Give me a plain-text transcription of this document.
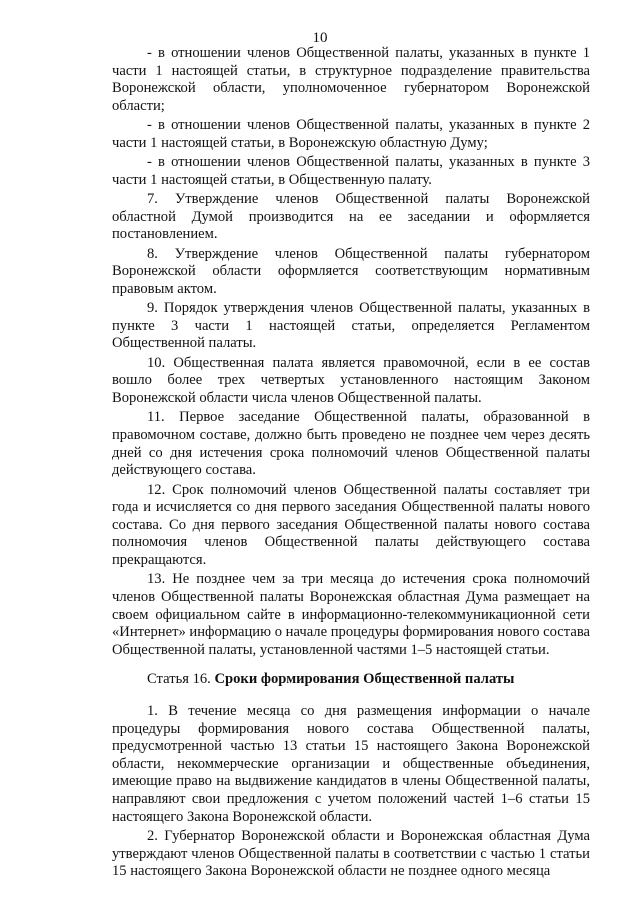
10

- в отношении членов Общественной палаты, указанных в пункте 1 части 1 настоящей статьи, в структурное подразделение правительства Воронежской области, уполномоченное губернатором Воронежской области;

- в отношении членов Общественной палаты, указанных в пункте 2 части 1 настоящей статьи, в Воронежскую областную Думу;

- в отношении членов Общественной палаты, указанных в пункте 3 части 1 настоящей статьи, в Общественную палату.

7. Утверждение членов Общественной палаты Воронежской областной Думой производится на ее заседании и оформляется постановлением.

8. Утверждение членов Общественной палаты губернатором Воронежской области оформляется соответствующим нормативным правовым актом.

9. Порядок утверждения членов Общественной палаты, указанных в пункте 3 части 1 настоящей статьи, определяется Регламентом Общественной палаты.

10. Общественная палата является правомочной, если в ее состав вошло более трех четвертых установленного настоящим Законом Воронежской области числа членов Общественной палаты.

11. Первое заседание Общественной палаты, образованной в правомочном составе, должно быть проведено не позднее чем через десять дней со дня истечения срока полномочий членов Общественной палаты действующего состава.

12. Срок полномочий членов Общественной палаты составляет три года и исчисляется со дня первого заседания Общественной палаты нового состава. Со дня первого заседания Общественной палаты нового состава полномочия членов Общественной палаты действующего состава прекращаются.

13. Не позднее чем за три месяца до истечения срока полномочий членов Общественной палаты Воронежская областная Дума размещает на своем официальном сайте в информационно-телекоммуникационной сети «Интернет» информацию о начале процедуры формирования нового состава Общественной палаты, установленной частями 1–5 настоящей статьи.

Статья 16. Сроки формирования Общественной палаты

1. В течение месяца со дня размещения информации о начале процедуры формирования нового состава Общественной палаты, предусмотренной частью 13 статьи 15 настоящего Закона Воронежской области, некоммерческие организации и общественные объединения, имеющие право на выдвижение кандидатов в члены Общественной палаты, направляют свои предложения с учетом положений частей 1–6 статьи 15 настоящего Закона Воронежской области.

2. Губернатор Воронежской области и Воронежская областная Дума утверждают членов Общественной палаты в соответствии с частью 1 статьи 15 настоящего Закона Воронежской области не позднее одного месяца
